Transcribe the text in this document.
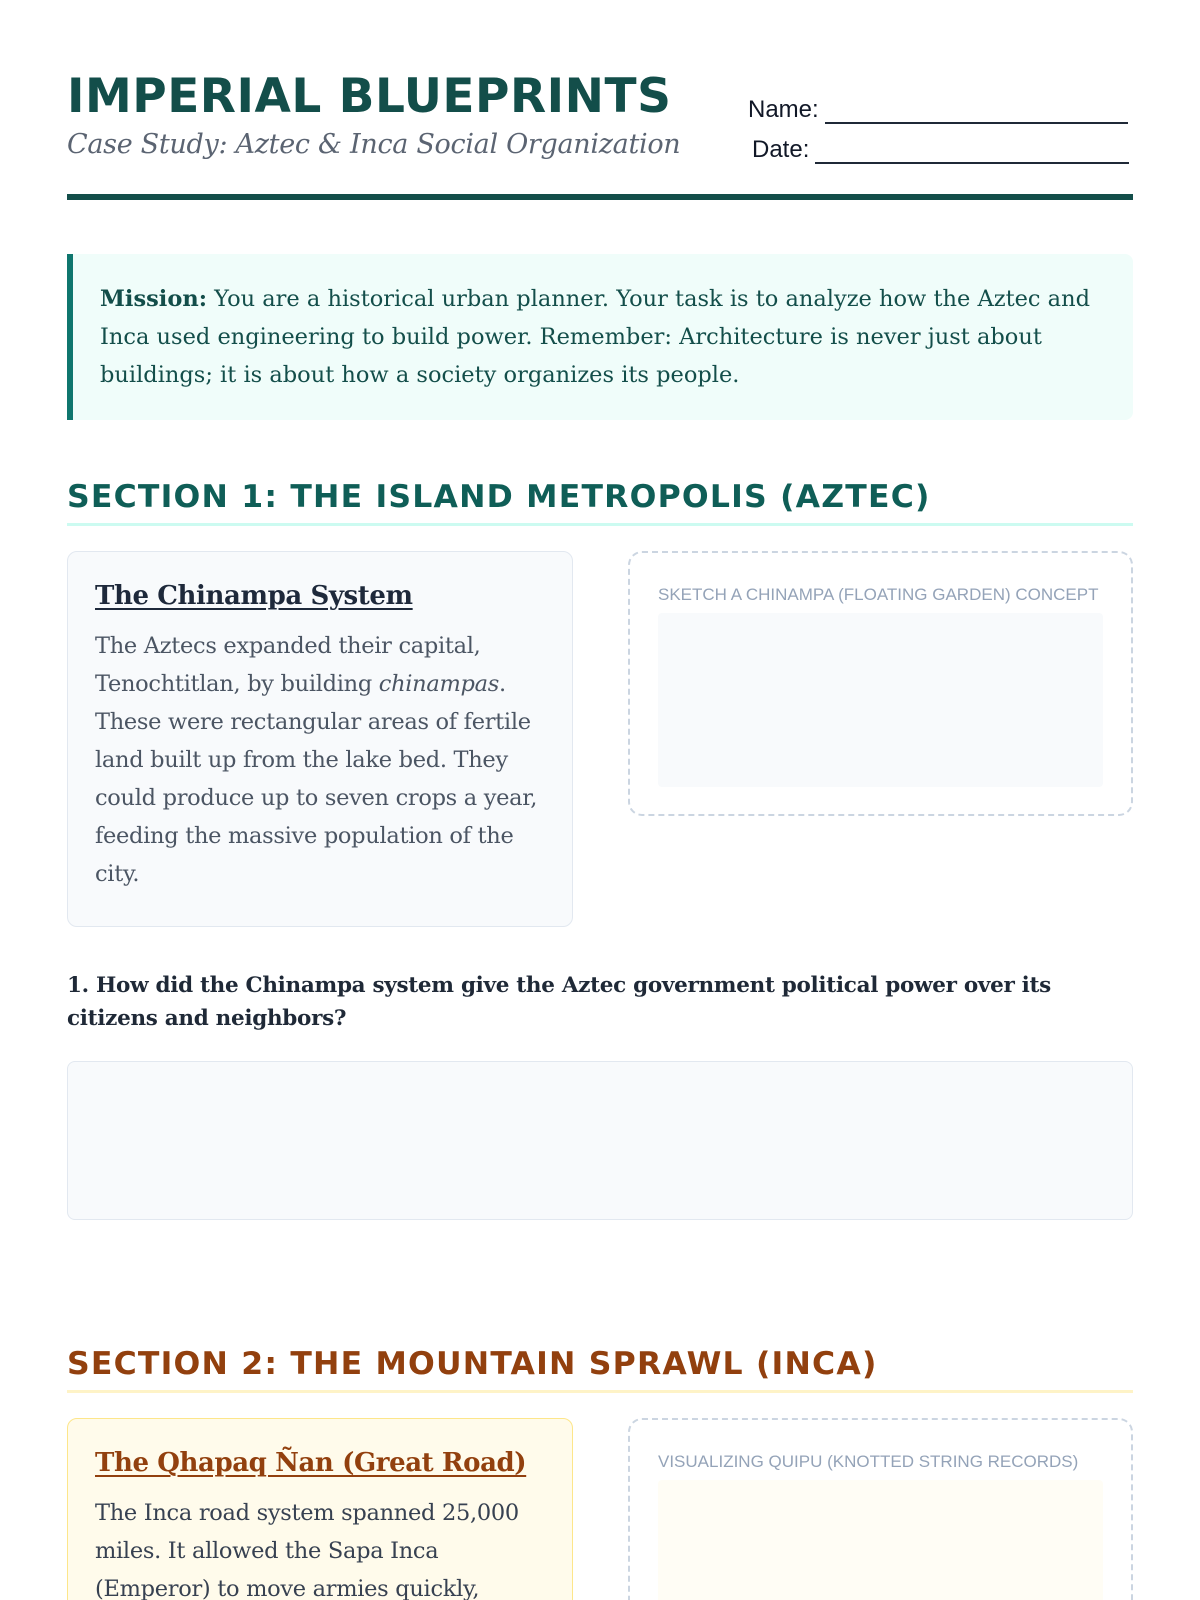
IMPERIAL BLUEPRINTS
Case Study: Aztec & Inca Social Organization
Name:
Date:
Mission: You are a historical urban planner. Your task is to analyze how the Aztec and Inca used engineering to build power. Remember: Architecture is never just about buildings; it is about how a society organizes its people.
SECTION 1: THE ISLAND METROPOLIS (AZTEC)
The Chinampa System

The Aztecs expanded their capital, Tenochtitlan, by building chinampas. These were rectangular areas of fertile land built up from the lake bed. They could produce up to seven crops a year, feeding the massive population of the city.

SKETCH A CHINAMPA (FLOATING GARDEN) CONCEPT
1. How did the Chinampa system give the Aztec government political power over its citizens and neighbors?
SECTION 2: THE MOUNTAIN SPRAWL (INCA)
The Qhapaq Ñan (Great Road)

The Inca road system spanned 25,000 miles. It allowed the Sapa Inca (Emperor) to move armies quickly,

VISUALIZING QUIPU (KNOTTED STRING RECORDS)
